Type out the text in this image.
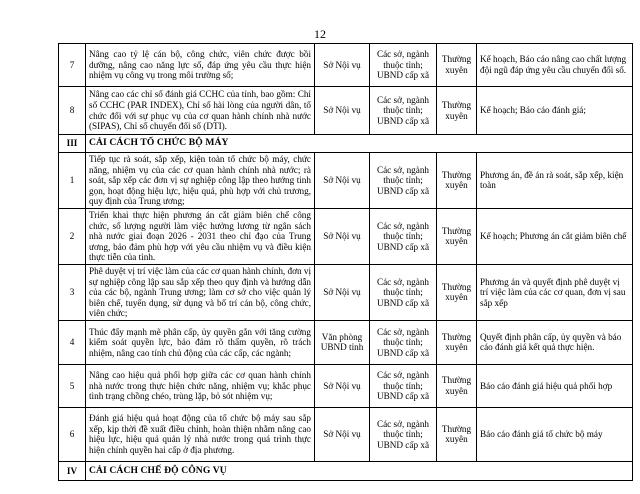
12
7	Nâng cao tỷ lệ cán bộ, công chức, viên chức được bồi dưỡng, nâng cao năng lực số, đáp ứng yêu cầu thực hiện nhiệm vụ công vụ trong môi trường số;	Sở Nội vụ	Các sở, ngành thuộc tỉnh; UBND cấp xã	Thường xuyên	Kế hoạch, Báo cáo nâng cao chất lượng đội ngũ đáp ứng yêu cầu chuyển đổi số.
8	Nâng cao các chỉ số đánh giá CCHC của tỉnh, bao gồm: Chỉ số CCHC (PAR INDEX), Chỉ số hài lòng của người dân, tổ chức đối với sự phục vụ của cơ quan hành chính nhà nước (SIPAS), Chỉ số chuyển đổi số (DTI).	Sở Nội vụ	Các sở, ngành thuộc tỉnh; UBND cấp xã	Thường xuyên	Kế hoạch; Báo cáo đánh giá;
III	CẢI CÁCH TỔ CHỨC BỘ MÁY				
1	Tiếp tục rà soát, sắp xếp, kiện toàn tổ chức bộ máy, chức năng, nhiệm vụ của các cơ quan hành chính nhà nước; rà soát, sắp xếp các đơn vị sự nghiệp công lập theo hướng tinh gọn, hoạt động hiệu lực, hiệu quả, phù hợp với chủ trương, quy định của Trung ương;	Sở Nội vụ	Các sở, ngành thuộc tỉnh; UBND cấp xã	Thường xuyên	Phương án, đề án rà soát, sắp xếp, kiện toàn
2	Triển khai thực hiện phương án cắt giảm biên chế công chức, số lượng người làm việc hưởng lương từ ngân sách nhà nước giai đoạn 2026 - 2031 theo chỉ đạo của Trung ương, bảo đảm phù hợp với yêu cầu nhiệm vụ và điều kiện thực tiễn của tỉnh.	Sở Nội vụ	Các sở, ngành thuộc tỉnh; UBND cấp xã	Thường xuyên	Kế hoạch; Phương án cắt giảm biên chế
3	Phê duyệt vị trí việc làm của các cơ quan hành chính, đơn vị sự nghiệp công lập sau sắp xếp theo quy định và hướng dẫn của các bộ, ngành Trung ương; làm cơ sở cho việc quản lý biên chế, tuyển dụng, sử dụng và bố trí cán bộ, công chức, viên chức;	Sở Nội vụ	Các sở, ngành thuộc tỉnh; UBND cấp xã	Thường xuyên	Phương án và quyết định phê duyệt vị trí việc làm của các cơ quan, đơn vị sau sắp xếp
4	Thúc đẩy mạnh mẽ phân cấp, ủy quyền gắn với tăng cường kiểm soát quyền lực, bảo đảm rõ thẩm quyền, rõ trách nhiệm, nâng cao tính chủ động của các cấp, các ngành;	Văn phòng UBND tỉnh	Các sở, ngành thuộc tỉnh; UBND cấp xã	Thường xuyên	Quyết định phân cấp, ủy quyền và báo cáo đánh giá kết quả thực hiện.
5	Nâng cao hiệu quả phối hợp giữa các cơ quan hành chính nhà nước trong thực hiện chức năng, nhiệm vụ; khắc phục tình trạng chồng chéo, trùng lặp, bỏ sót nhiệm vụ;	Sở Nội vụ	Các sở, ngành thuộc tỉnh; UBND cấp xã	Thường xuyên	Báo cáo đánh giá hiệu quả phối hợp
6	Đánh giá hiệu quả hoạt động của tổ chức bộ máy sau sắp xếp, kịp thời đề xuất điều chỉnh, hoàn thiện nhằm nâng cao hiệu lực, hiệu quả quản lý nhà nước trong quá trình thực hiện chính quyền hai cấp ở địa phương.	Sở Nội vụ	Các sở, ngành thuộc tỉnh; UBND cấp xã	Thường xuyên	Báo cáo đánh giá tổ chức bộ máy
IV	CẢI CÁCH CHẾ ĐỘ CÔNG VỤ				
